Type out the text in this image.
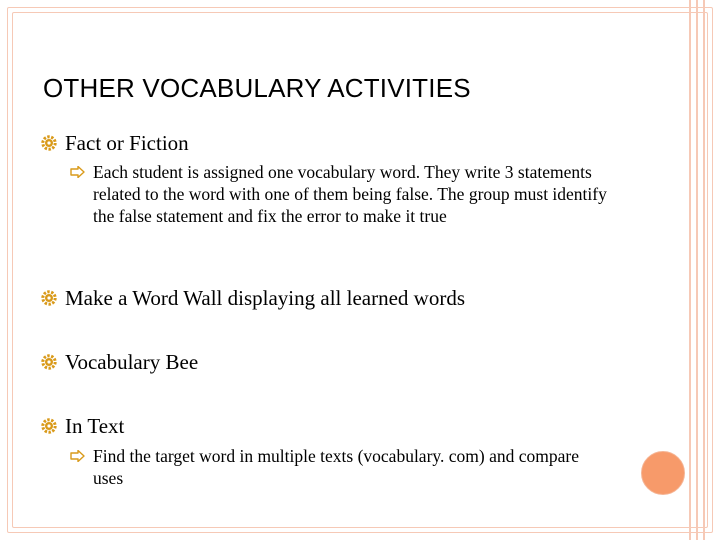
OTHER VOCABULARY ACTIVITIES
Fact or Fiction
Each student is assigned one vocabulary word. They write 3 statements related to the word with one of them being false. The group must identify the false statement and fix the error to make it true
Make a Word Wall displaying all learned words
Vocabulary Bee
In Text
Find the target word in multiple texts (vocabulary. com) and compare uses
